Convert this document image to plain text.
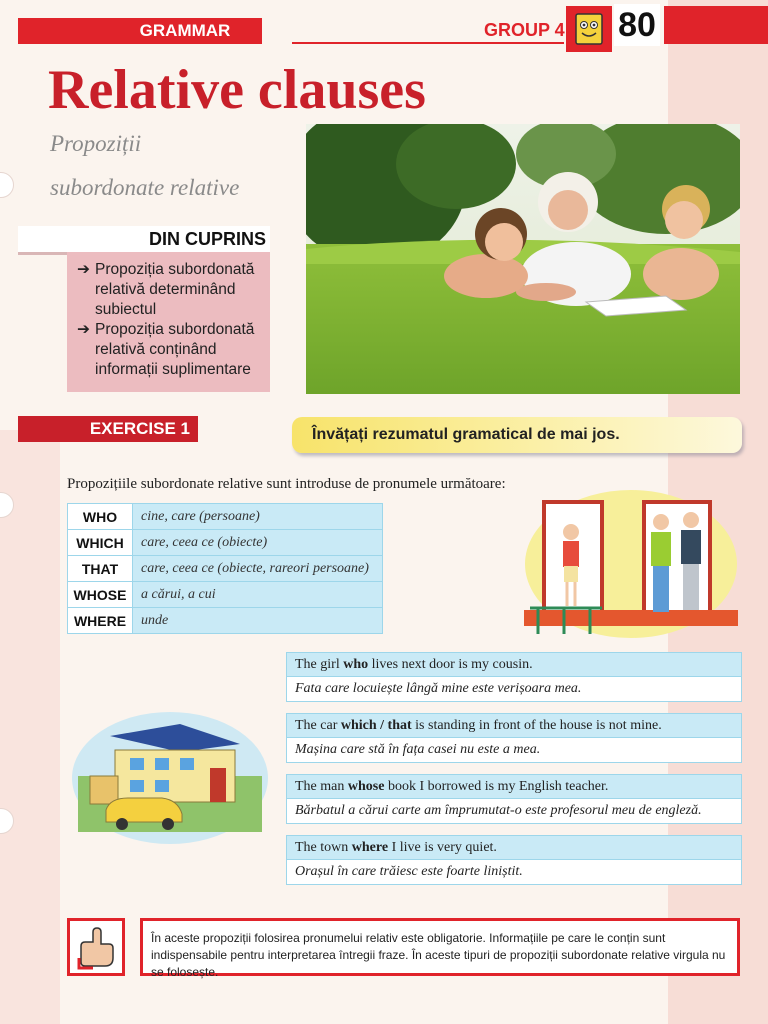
GRAMMAR	GROUP 4 80
Relative clauses

Propoziții
subordonate relative

DIN CUPRINS
➔ Propoziția subordonată relativă determinând subiectul
➔ Propoziția subordonată relativă conținând informații suplimentare
EXERCISE 1	Învățați rezumatul gramatical de mai jos.

Propozițiile subordonate relative sunt introduse de pronumele următoare:

WHO	cine, care (persoane)
WHICH	care, ceea ce (obiecte)
THAT	care, ceea ce (obiecte, rareori persoane)
WHOSE	a cărui, a cui
WHERE	unde
The girl who lives next door is my cousin.
Fata care locuiește lângă mine este verișoara mea.
The car which / that is standing in front of the house is not mine.
Mașina care stă în fața casei nu este a mea.
The man whose book I borrowed is my English teacher.
Bărbatul a cărui carte am împrumutat-o este profesorul meu de engleză.
The town where I live is very quiet.
Orașul în care trăiesc este foarte liniștit.
În aceste propoziții folosirea pronumelui relativ este obligatorie. Informațiile pe care le conțin sunt indispensabile pentru interpretarea întregii fraze. În aceste tipuri de propoziții subordonate relative virgula nu se folosește.
